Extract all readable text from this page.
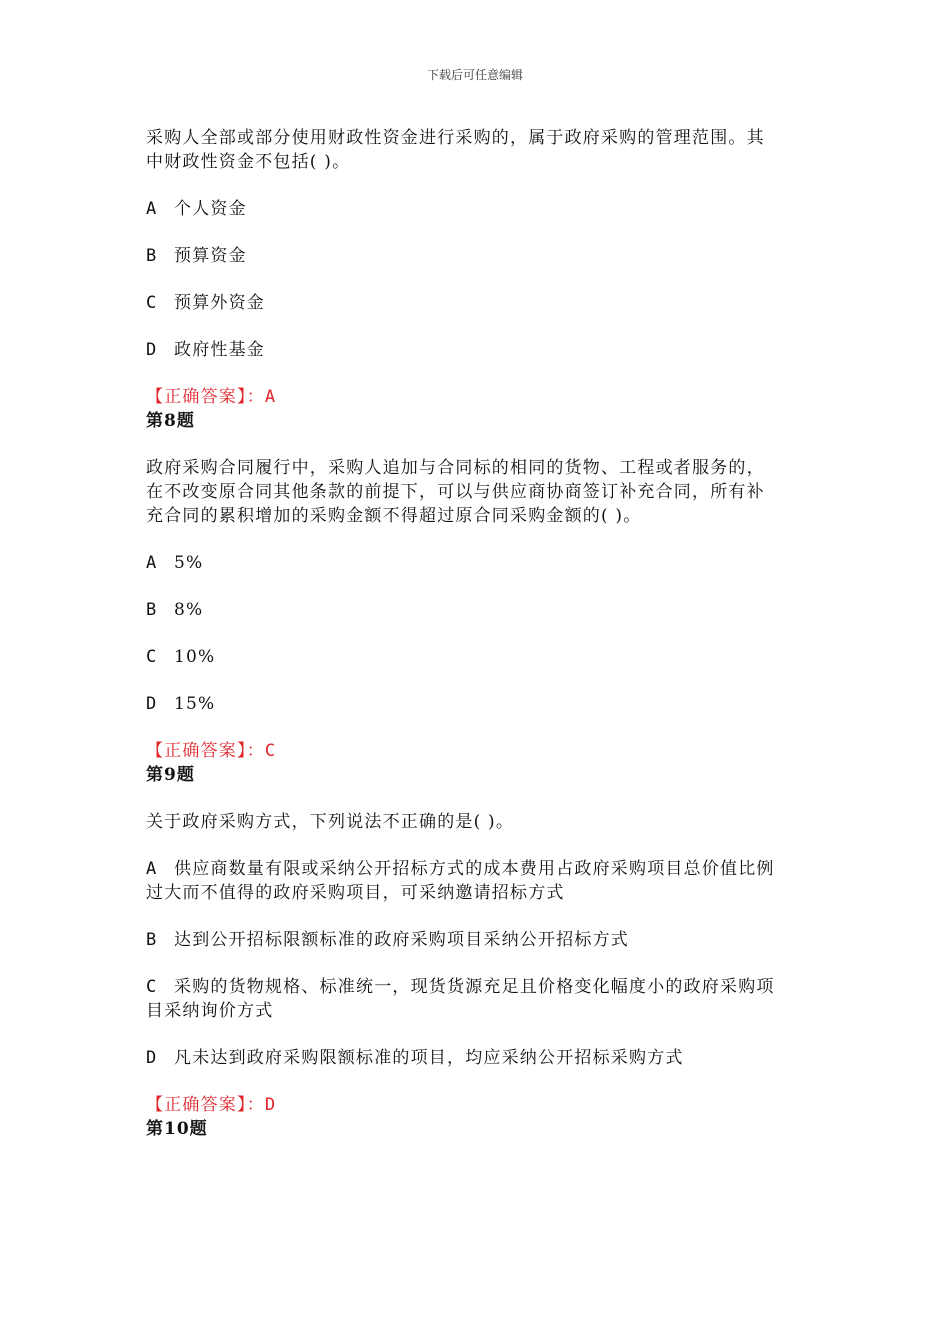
下载后可任意编辑

采购人全部或部分使用财政性资金进行采购的，属于政府采购的管理范围。其

中财政性资金不包括( )。

A 个人资金

B 预算资金

C 预算外资金

D 政府性基金

【正确答案】：A

第8题

政府采购合同履行中，采购人追加与合同标的相同的货物、工程或者服务的，

在不改变原合同其他条款的前提下，可以与供应商协商签订补充合同，所有补

充合同的累积增加的采购金额不得超过原合同采购金额的( )。

A 5%

B 8%

C 10%

D 15%

【正确答案】：C

第9题

关于政府采购方式，下列说法不正确的是( )。

A 供应商数量有限或采纳公开招标方式的成本费用占政府采购项目总价值比例

过大而不值得的政府采购项目，可采纳邀请招标方式

B 达到公开招标限额标准的政府采购项目采纳公开招标方式

C 采购的货物规格、标准统一，现货货源充足且价格变化幅度小的政府采购项

目采纳询价方式

D 凡未达到政府采购限额标准的项目，均应采纳公开招标采购方式

【正确答案】：D

第10题
